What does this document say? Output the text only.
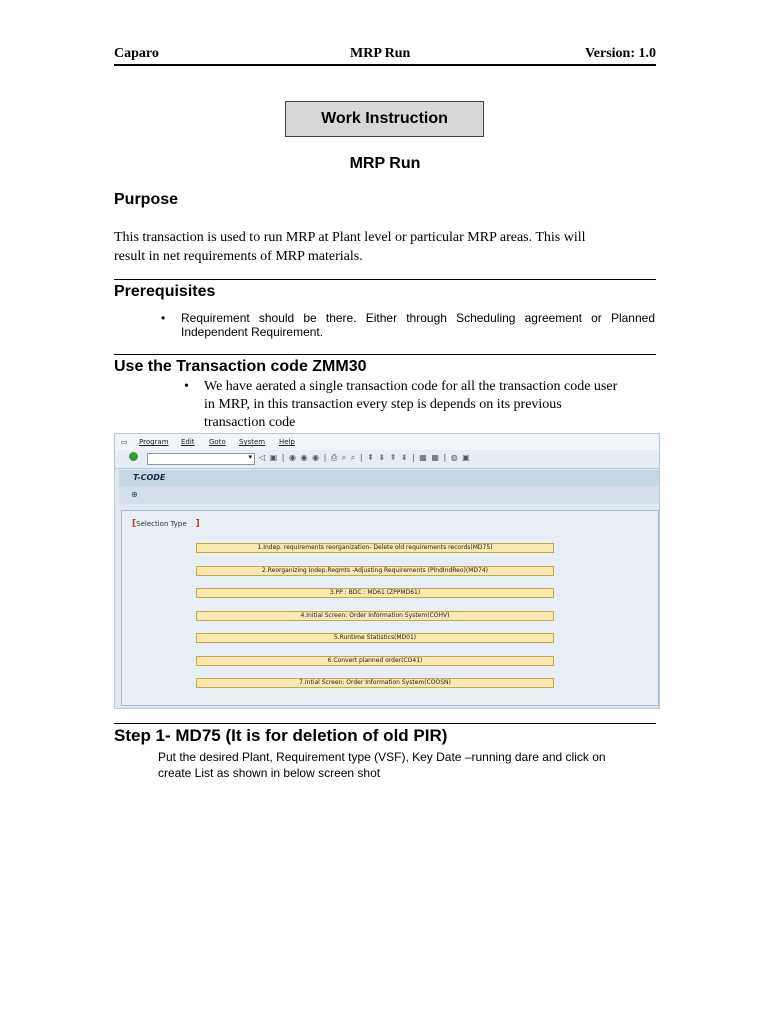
Caparo	MRP Run	Version: 1.0
Work Instruction
MRP Run
Purpose
This transaction is used to run MRP at Plant level or particular MRP areas. This will
result in net requirements of MRP materials.
Prerequisites
• Requirement should be there. Either through Scheduling agreement or Planned
Independent Requirement.
Use the Transaction code ZMM30
• We have aerated a single transaction code for all the transaction code user
in MRP, in this transaction every step is depends on its previous
transaction code
▭ Program Edit Goto System Help
▾ ◁ ▣ | ◉ ◉ ◉ | ⎙ ⌕ ⌕ | ⇞ ⇟ ⇞ ⇟ | ▦ ▦ | ◍ ▣
T-CODE
⊕
[Selection Type ]
1.Indep. requirements reorganization- Delete old requirements records(MD75)
2.Reorganizing Indep.Reqmts -Adjusting Requirements (PlndIndReo)(MD74)
3.PP : BDC : MD61 (ZPPMD61)
4.Initial Screen: Order Information System(COHV)
5.Runtime Statistics(MD01)
6.Convert planned order(CO41)
7.Intial Screen: Order Information System(COOSN)
Step 1- MD75 (It is for deletion of old PIR)
Put the desired Plant, Requirement type (VSF), Key Date –running dare and click on
create List as shown in below screen shot
